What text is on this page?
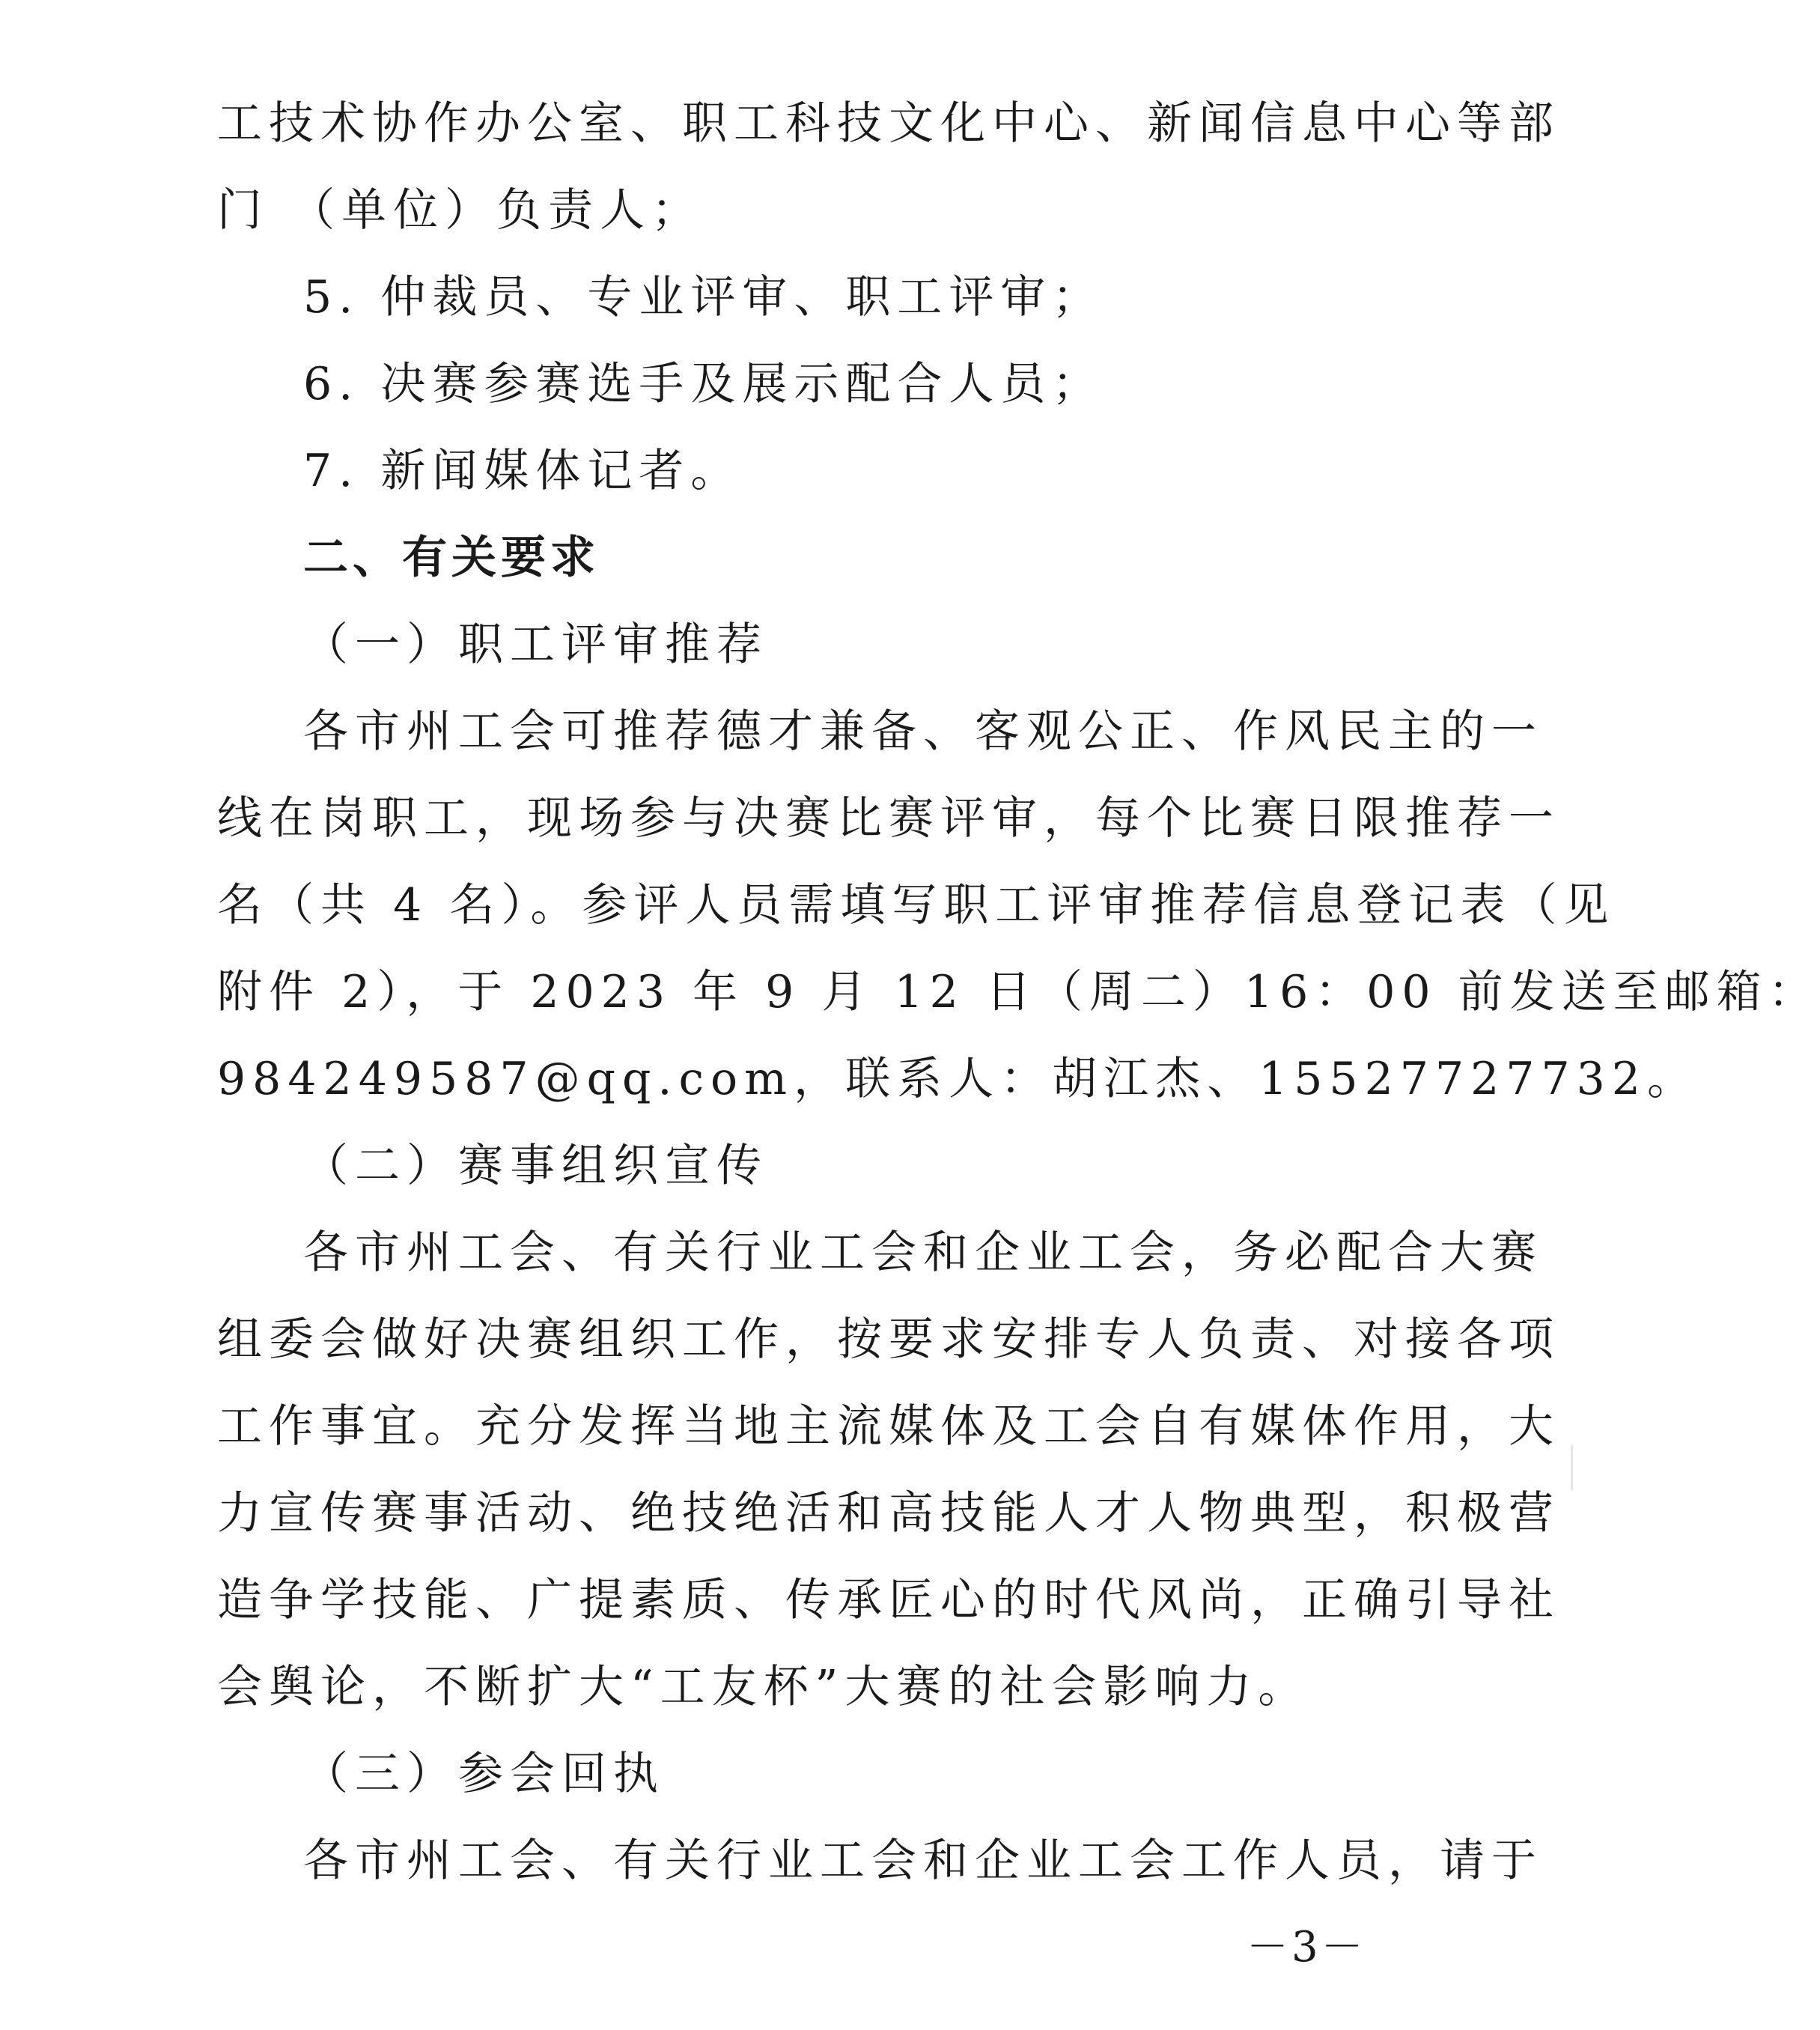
工技术协作办公室、职工科技文化中心、新闻信息中心等部
门 （单位）负责人；
5. 仲裁员、专业评审、职工评审；
6. 决赛参赛选手及展示配合人员；
7. 新闻媒体记者。
二、有关要求
（一）职工评审推荐
各市州工会可推荐德才兼备、客观公正、作风民主的一
线在岗职工，现场参与决赛比赛评审，每个比赛日限推荐一
名（共 4 名）。参评人员需填写职工评审推荐信息登记表（见
附件 2），于 2023 年 9 月 12 日（周二）16：00 前发送至邮箱：
984249587@qq.com，联系人：胡江杰、15527727732。
（二）赛事组织宣传
各市州工会、有关行业工会和企业工会，务必配合大赛
组委会做好决赛组织工作，按要求安排专人负责、对接各项
工作事宜。充分发挥当地主流媒体及工会自有媒体作用，大
力宣传赛事活动、绝技绝活和高技能人才人物典型，积极营
造争学技能、广提素质、传承匠心的时代风尚，正确引导社
会舆论，不断扩大“工友杯”大赛的社会影响力。
（三）参会回执
各市州工会、有关行业工会和企业工会工作人员，请于
－3－
